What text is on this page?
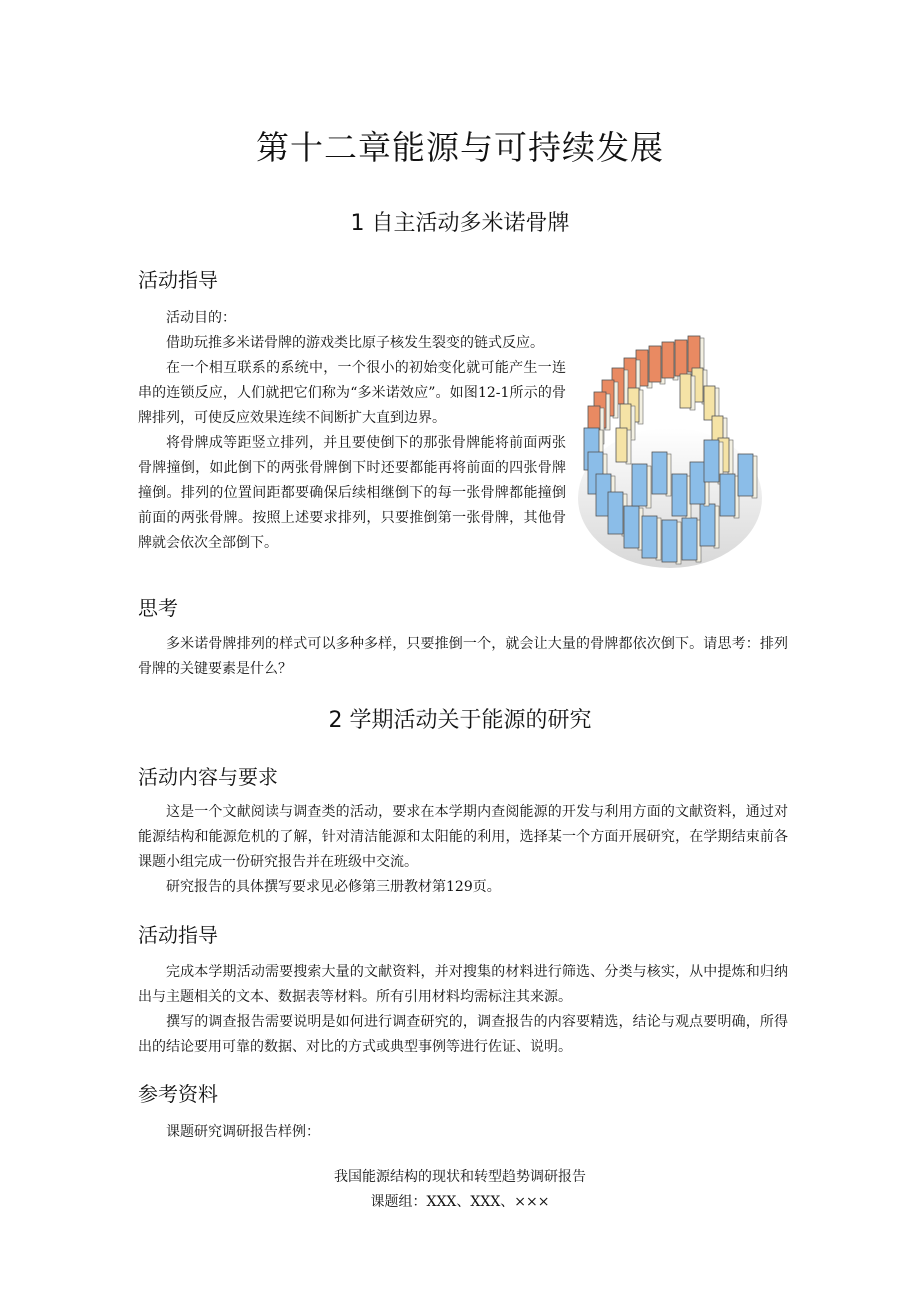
第十二章能源与可持续发展
1 自主活动多米诺骨牌
活动指导

活动目的：

借助玩推多米诺骨牌的游戏类比原子核发生裂变的链式反应。

在一个相互联系的系统中，一个很小的初始变化就可能产生一连串的连锁反应，人们就把它们称为“多米诺效应”。如图12-1所示的骨牌排列，可使反应效果连续不间断扩大直到边界。

将骨牌成等距竖立排列，并且要使倒下的那张骨牌能将前面两张骨牌撞倒，如此倒下的两张骨牌倒下时还要都能再将前面的四张骨牌撞倒。排列的位置间距都要确保后续相继倒下的每一张骨牌都能撞倒前面的两张骨牌。按照上述要求排列，只要推倒第一张骨牌，其他骨牌就会依次全部倒下。

思考

多米诺骨牌排列的样式可以多种多样，只要推倒一个，就会让大量的骨牌都依次倒下。请思考：排列骨牌的关键要素是什么？

2 学期活动关于能源的研究
活动内容与要求

这是一个文献阅读与调查类的活动，要求在本学期内查阅能源的开发与利用方面的文献资料，通过对能源结构和能源危机的了解，针对清洁能源和太阳能的利用，选择某一个方面开展研究，在学期结束前各课题小组完成一份研究报告并在班级中交流。

研究报告的具体撰写要求见必修第三册教材第129页。

活动指导

完成本学期活动需要搜索大量的文献资料，并对搜集的材料进行筛选、分类与核实，从中提炼和归纳出与主题相关的文本、数据表等材料。所有引用材料均需标注其来源。

撰写的调查报告需要说明是如何进行调查研究的，调查报告的内容要精选，结论与观点要明确，所得出的结论要用可靠的数据、对比的方式或典型事例等进行佐证、说明。

参考资料

课题研究调研报告样例：

我国能源结构的现状和转型趋势调研报告
课题组：XXX、XXX、×××
